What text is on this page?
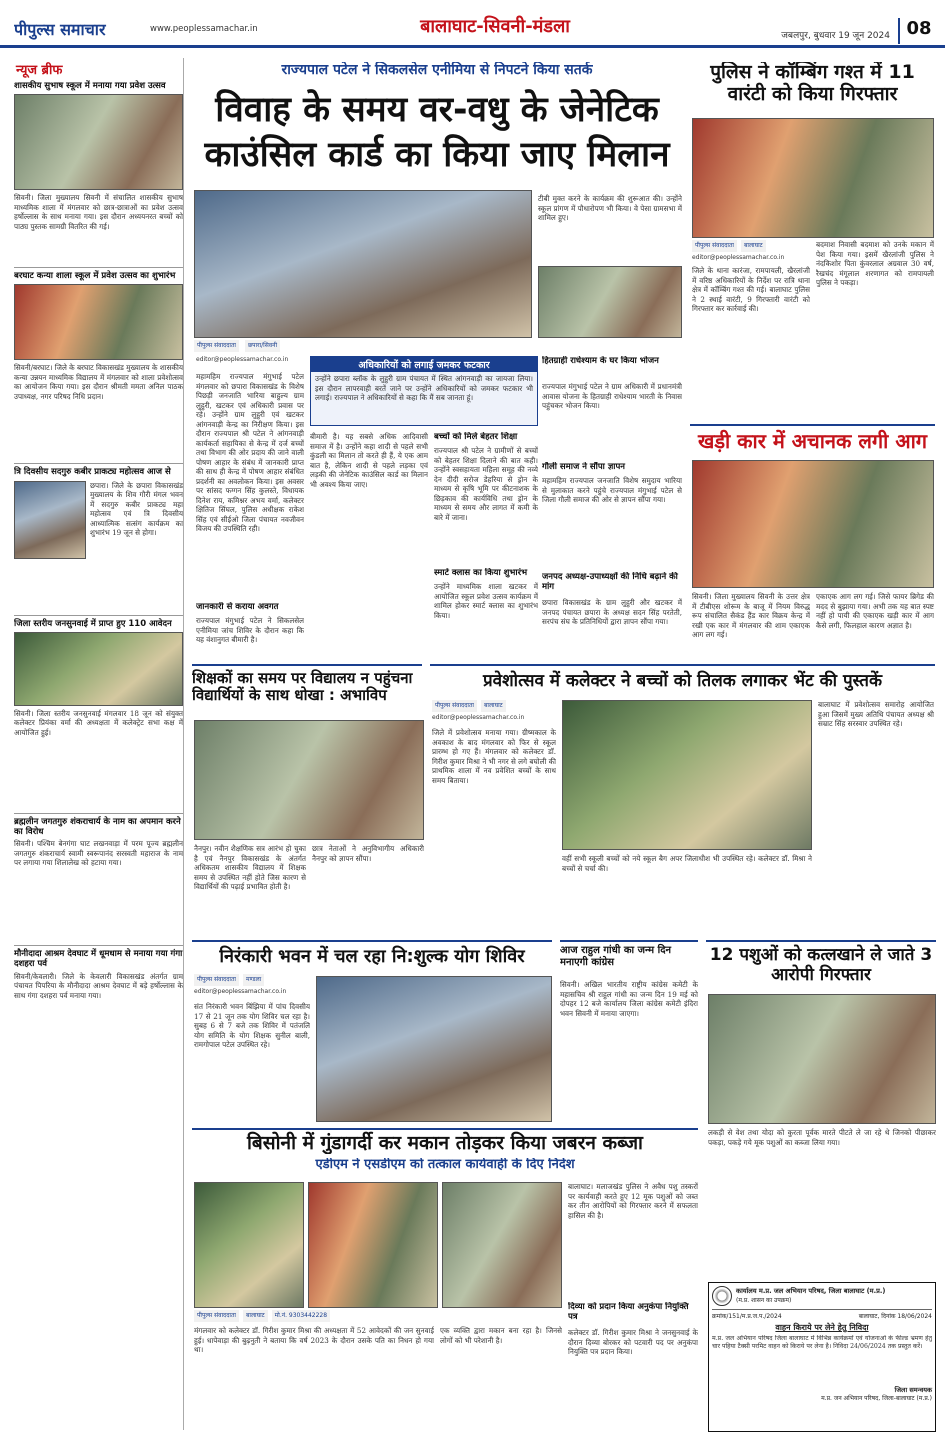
पीपुल्स समाचार	www.peoplessamachar.in	बालाघाट-सिवनी-मंडला	जबलपुर, बुधवार 19 जून 2024 08
न्यूज ब्रीफ
शासकीय सुभाष स्कूल में मनाया गया प्रवेश उत्सव
सिवनी। जिला मुख्यालय सिवनी में संचालित शासकीय सुभाष माध्यमिक शाला में मंगलवार को छात्र-छात्राओं का प्रवेश उत्सव हर्षोल्लास के साथ मनाया गया। इस दौरान अध्ययनरत बच्चों को पाठ्य पुस्तक सामग्री वितरित की गई।
बरघाट कन्या शाला स्कूल में प्रवेश उत्सव का शुभारंभ
सिवनी/बरघाट। जिले के बरघाट विकासखंड मुख्यालय के शासकीय कन्या उन्नयन माध्यमिक विद्यालय में मंगलवार को शाला प्रवेशोत्सव का आयोजन किया गया। इस दौरान श्रीमती ममता अनिल पाठक उपाध्यक्ष, नगर परिषद निधि प्रदान।
त्रि दिवसीय सदगुरु कबीर प्राकट्य महोत्सव आज से
छपारा। जिले के छपारा विकासखंड मुख्यालय के शिव गौरी मंगल भवन में सदगुरु कबीर प्राकट्य महा महोत्सव एवं त्रि दिवसीय आध्यात्मिक सत्संग कार्यक्रम का शुभारंभ 19 जून से होगा।
जिला स्तरीय जनसुनवाई में प्राप्त हुए 110 आवेदन
सिवनी। जिला स्तरीय जनसुनवाई मंगलवार 18 जून को संयुक्त कलेक्टर प्रियंका वर्मा की अध्यक्षता में कलेक्ट्रेट सभा कक्ष में आयोजित हुई।
ब्रह्मलीन जगतगुरु शंकराचार्य के नाम का अपमान करने का विरोध
सिवनी। पश्चिम बेनगंगा घाट लखनवाड़ा में परम पूज्य ब्रह्मलीन जगतगुरु शंकराचार्य स्वामी स्वरूपानंद सरस्वती महाराज के नाम पर लगाया गया शिलालेख को हटाया गया।
मौनीदादा आश्रम देवघाट में धूमधाम से मनाया गया गंगा दशहरा पर्व
सिवनी/केवलारी। जिले के केवलारी विकासखंड अंतर्गत ग्राम पंचायत पिपरिया के मौनीदादा आश्रम देवघाट में बड़े हर्षोल्लास के साथ गंगा दशहरा पर्व मनाया गया।
राज्यपाल पटेल ने सिकलसेल एनीमिया से निपटने किया सतर्क
विवाह के समय वर-वधु के जेनेटिक काउंसिल कार्ड का किया जाए मिलान
पीपुल्स संवाददाता	छपारा/सिवनी
टीबी मुक्त करने के कार्यक्रम की शुरूआत की। उन्होंने स्कूल प्रांगण में पौधारोपण भी किया। वे पेसा ग्रामसभा में शामिल हुए।
editor@peoplessamachar.co.in
महामहिम राज्यपाल मंगुभाई पटेल मंगलवार को छपारा विकासखंड के विशेष पिछड़ी जनजाति भारिया बाहुल्य ग्राम लुहुरी, खटकर एवं अधिकारी प्रवास पर रहे। उन्होंने ग्राम लुहुरी एवं खटकर आंगनवाड़ी केन्द्र का निरीक्षण किया। इस दौरान राज्यपाल श्री पटेल ने आंगनवाड़ी कार्यकर्ता सहायिका से केन्द्र में दर्ज बच्चों तथा विभाग की ओर प्रदाय की जाने वाली पोषण आहार के संबंध में जानकारी प्राप्त की साथ ही केन्द्र में पोषण आहार संबंधित प्रदर्शनी का अवलोकन किया। इस अवसर पर सांसद फग्गन सिंह कुलस्ते, विधायक दिनेश राय, कमिश्नर अभय वर्मा, कलेक्टर क्षितिज सिंघल, पुलिस अधीक्षक राकेश सिंह एवं सीईओ जिला पंचायत नवजीवन विजय की उपस्थिति रही।
जानकारी से कराया अवगत
राज्यपाल मंगुभाई पटेल ने सिकलसेल एनीमिया जांच शिविर के दौरान कहा कि यह वंशानुगत बीमारी है।
अधिकारियों को लगाई जमकर फटकार
उन्होंने छपारा ब्लॉक के लुहुरी ग्राम पंचायत में स्थित आंगनवाड़ी का जायजा लिया। इस दौरान लापरवाही बरतें जाने पर उन्होंने अधिकारियों को जमकर फटकार भी लगाई। राज्यपाल ने अधिकारियों से कहा कि मैं सब जानता हूं।
बीमारी है। यह सबसे अधिक आदिवासी समाज में है। उन्होंने कहा शादी से पहले सभी कुंडली का मिलान तो करते ही हैं, ये एक आम बात है, लेकिन शादी से पहले लड़का एवं लड़की की जेनेटिक काउंसिल कार्ड का मिलान भी अवश्य किया जाए।
बच्चों को मिले बेहतर शिक्षा
राज्यपाल श्री पटेल ने ग्रामीणों से बच्चों को बेहतर शिक्षा दिलाने की बात कही। उन्होंने स्वसहायता महिला समूह की नव्ये देन दीदी सरोज डेहरिया से ड्रोन के माध्यम से कृषि भूमि पर कीटनाशक के छिड़काव की कार्यविधि तथा ड्रोन के माध्यम से समय और लागत में कमी के बारे में जाना।
स्मार्ट क्लास का किया शुभारंभ
उन्होंने माध्यमिक शाला खटकर में आयोजित स्कूल प्रवेश उत्सव कार्यक्रम में शामिल होकर स्मार्ट क्लास का शुभारंभ किया।
हितग्राही राधेश्याम के घर किया भोजन
राज्यपाल मंगुभाई पटेल ने ग्राम अधिकारी में प्रधानमंत्री आवास योजना के हितग्राही राधेश्याम भारती के निवास पहुंचकर भोजन किया।
गौली समाज ने सौंपा ज्ञापन
महामहिम राज्यपाल जनजाति विशेष समुदाय भारिया से मुलाकात करने पहुंचे राज्यपाल मंगुभाई पटेल से जिला गौली समाज की ओर से ज्ञापन सौंपा गया।
जनपद अध्यक्ष-उपाध्यक्षों की निधि बढ़ाने की मांग
छपारा विकासखंड के ग्राम लुहुरी और खटकर में जनपद पंचायत छपारा के अध्यक्ष सदन सिंह परतेती, सरपंच संघ के प्रतिनिधियों द्वारा ज्ञापन सौंपा गया।
पुलिस ने कॉम्बिंग गश्त में 11 वारंटी को किया गिरफ्तार
पीपुल्स संवाददाता	बालाघाट
editor@peoplessamachar.co.in
जिले के थाना कारंजा, रामपायली, खैरलांजी में वरिष्ठ अधिकारियों के निर्देश पर रात्रि थाना क्षेत्र में कॉम्बिंग गश्त की गई। बालाघाट पुलिस ने 2 स्थाई वारंटी, 9 गिरफ्तारी वारंटी को गिरफ्तार कर कार्रवाई की।
बदमाश निवासी बदमाश को उनके मकान में पेश किया गया। इसमें खैरलांजी पुलिस ने नंदकिशोर पिता कुंवरलाल अग्रवाल 30 वर्ष, रैखचंद मंगूलाल शरणागत को रामपायली पुलिस ने पकड़ा।
खड़ी कार में अचानक लगी आग
सिवनी। जिला मुख्यालय सिवनी के उत्तर क्षेत्र में टीबीएस शोरूम के बाजू में नियम विरुद्ध रूप संचालित सैकंड हैंड कार विक्रय केन्द्र में रखी एक कार में मंगलवार की शाम एकाएक आग लग गई।
एकाएक आग लग गई। जिसे फायर ब्रिगेड की मदद से बुझाया गया। अभी तक यह बात स्पष्ट नहीं हो पायी की एकाएक खड़ी कार में आग कैसे लगी, फिलहाल कारण अज्ञात है।
शिक्षकों का समय पर विद्यालय न पहुंचना विद्यार्थियों के साथ धोखा : अभाविप
नैनपुर। नवीन शैक्षणिक सत्र आरंभ हो चुका है एवं नैनपुर विकासखंड के अंतर्गत अधिकतम शासकीय विद्यालय में शिक्षक समय से उपस्थित नहीं होते जिस कारण से विद्यार्थियों की पढ़ाई प्रभावित होती है।
छात्र नेताओं ने अनुविभागीय अधिकारी नैनपुर को ज्ञापन सौंपा।
प्रवेशोत्सव में कलेक्टर ने बच्चों को तिलक लगाकर भेंट की पुस्तकें
पीपुल्स संवाददाता	बालाघाट
editor@peoplessamachar.co.in
जिले में प्रवेशोत्सव मनाया गया। ग्रीष्मकाल के अवकाश के बाद मंगलवार को फिर से स्कूल प्रारम्भ हो गए हैं। मंगलवार को कलेक्टर डॉ. गिरीश कुमार मिश्रा ने भी नगर से लगे बघोली की प्राथमिक शाला में नव प्रवेशित बच्चों के साथ समय बिताया।
वहीं सभी स्कूली बच्चों को नये स्कूल बैग अपर जिलाधीश भी उपस्थित रहे। कलेक्टर डॉ. मिश्रा ने बच्चों से चर्चा की।
बालाघाट में प्रवेशोत्सव समारोह आयोजित हुआ जिसमें मुख्य अतिथि पंचायत अध्यक्ष श्री सम्राट सिंह सरस्वार उपस्थित रहे।
निरंकारी भवन में चल रहा नि:शुल्क योग शिविर
पीपुल्स संवाददाता	मण्डला
editor@peoplessamachar.co.in
संत निरंकारी भवन बिंझिया में पांच दिवसीय 17 से 21 जून तक योग शिविर चल रहा है। सुबह 6 से 7 बजे तक शिविर में पतंजलि योग समिति के योग शिक्षक सुनील बाली, रामगोपाल पटेल उपस्थित रहे।
आज राहुल गांधी का जन्म दिन मनाएगी कांग्रेस
सिवनी। अखिल भारतीय राष्ट्रीय कांग्रेस कमेटी के महासचिव श्री राहुल गांधी का जन्म दिन 19 मई को दोपहर 12 बजे कार्यालय जिला कांग्रेस कमेटी इंदिरा भवन सिवनी में मनाया जाएगा।
12 पशुओं को कत्लखाने ले जाते 3 आरोपी गिरफ्तार
बिसोनी में गुंडागर्दी कर मकान तोड़कर किया जबरन कब्जा
एडीएम ने एसडीएम को तत्काल कार्यवाही के दिए निर्देश
पीपुल्स संवाददाता	बालाघाट	मो.नं. 9303442228
मंगलवार को कलेक्टर डॉ. गिरीश कुमार मिश्रा की अध्यक्षता में 52 आवेदकों की जन सुनवाई हुई। धापेवाड़ा की बुढ़नुती ने बताया कि वर्ष 2023 के दौरान उसके पति का निधन हो गया था।
एक व्यक्ति द्वारा मकान बना रहा है। जिनसे लोगों को भी परेशानी है।
बालाघाट। मलाजखंड पुलिस ने अवैध पशु तस्करों पर कार्यवाही करते हुए 12 मूक पशुओं को जब्त कर तीन आरोपियों को गिरफ्तार करने में सफलता हासिल की है।
दिव्या को प्रदान किया अनुकंपा नियुक्ति पत्र
कलेक्टर डॉ. गिरीश कुमार मिश्रा ने जनसुनवाई के दौरान दिव्या बोरकर को पटवारी पद पर अनुकंपा नियुक्ति पत्र प्रदान किया।
लकड़ी से वेश तथा योदा को कुरता पूर्वक मारते पीटते ले जा रहे थे जिनको पीछाकर पकड़ा, पकड़े गये मूक पशुओं का कब्जा लिया गया।
कार्यालय म.प्र. जल अभियान परिषद, जिला बालाघाट (म.प्र.)
(म.प्र. शासन का उपक्रम)
क्रमांक/151/म.प्र.ज.प./2024	बालाघाट, दिनांक 18/06/2024
वाहन किराये पर लेने हेतु निविदा
म.प्र. जल अभियान परिषद जिला बालाघाट में विभिन्न कार्यक्रमों एवं योजनाओं के फील्ड भ्रमण हेतु चार पहिया टैक्सी परमिट वाहन को किराये पर लेना है। निविदा 24/06/2024 तक प्रस्तुत करें।
जिला समन्वयक
म.प्र. जन अभियान परिषद, जिला-बालाघाट (म.प्र.)
